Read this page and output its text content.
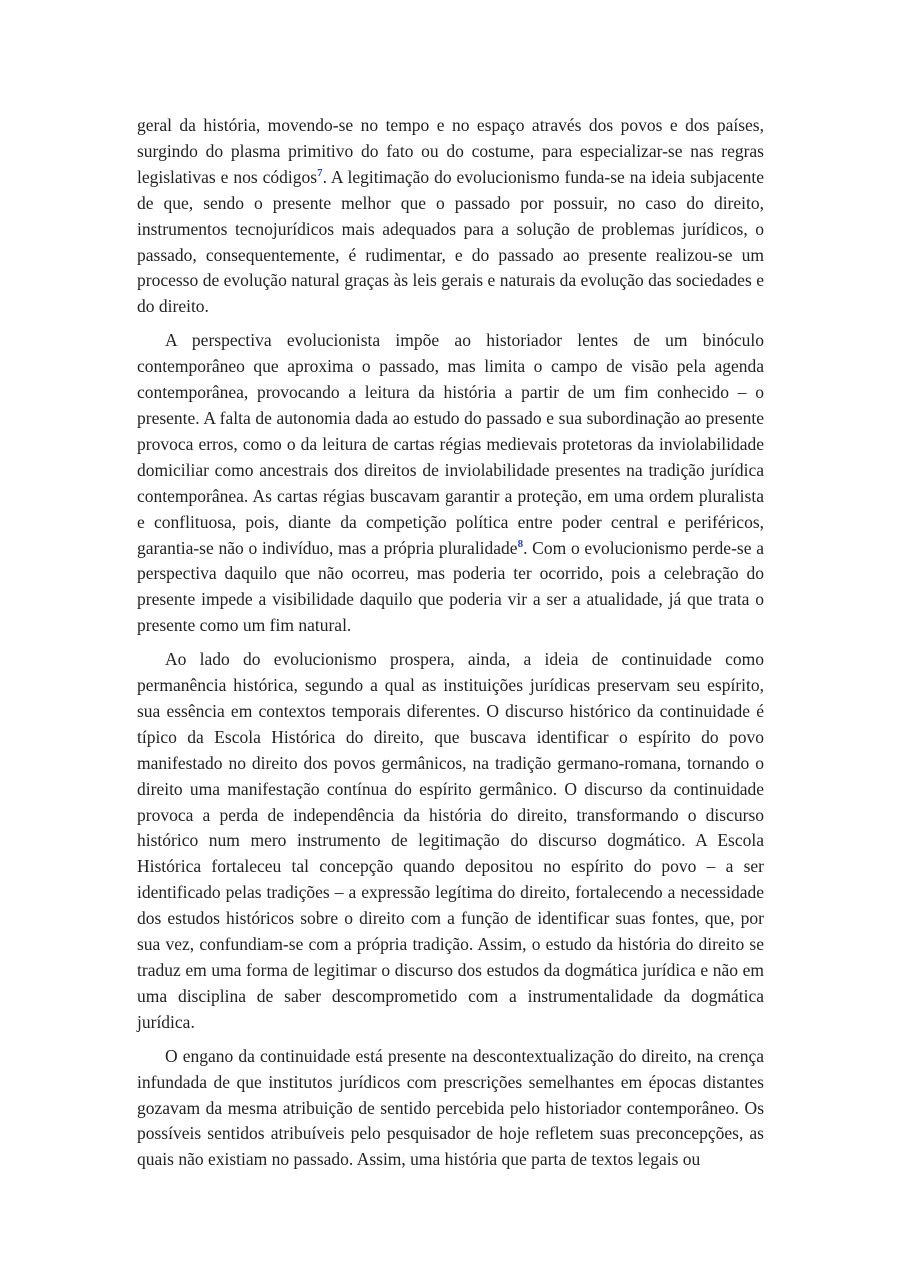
geral da história, movendo-se no tempo e no espaço através dos povos e dos países, surgindo do plasma primitivo do fato ou do costume, para especializar-se nas regras legislativas e nos códigos$^7$. A legitimação do evolucionismo funda-se na ideia subjacente de que, sendo o presente melhor que o passado por possuir, no caso do direito, instrumentos tecnojurídicos mais adequados para a solução de problemas jurídicos, o passado, consequentemente, é rudimentar, e do passado ao presente realizou-se um processo de evolução natural graças às leis gerais e naturais da evolução das sociedades e do direito.

A perspectiva evolucionista impõe ao historiador lentes de um binóculo contemporâneo que aproxima o passado, mas limita o campo de visão pela agenda contemporânea, provocando a leitura da história a partir de um fim conhecido – o presente. A falta de autonomia dada ao estudo do passado e sua subordinação ao presente provoca erros, como o da leitura de cartas régias medievais protetoras da inviolabilidade domiciliar como ancestrais dos direitos de inviolabilidade presentes na tradição jurídica contemporânea. As cartas régias buscavam garantir a proteção, em uma ordem pluralista e conflituosa, pois, diante da competição política entre poder central e periféricos, garantia-se não o indivíduo, mas a própria pluralidade$^8$. Com o evolucionismo perde-se a perspectiva daquilo que não ocorreu, mas poderia ter ocorrido, pois a celebração do presente impede a visibilidade daquilo que poderia vir a ser a atualidade, já que trata o presente como um fim natural.

Ao lado do evolucionismo prospera, ainda, a ideia de continuidade como permanência histórica, segundo a qual as instituições jurídicas preservam seu espírito, sua essência em contextos temporais diferentes. O discurso histórico da continuidade é típico da Escola Histórica do direito, que buscava identificar o espírito do povo manifestado no direito dos povos germânicos, na tradição germano-romana, tornando o direito uma manifestação contínua do espírito germânico. O discurso da continuidade provoca a perda de independência da história do direito, transformando o discurso histórico num mero instrumento de legitimação do discurso dogmático. A Escola Histórica fortaleceu tal concepção quando depositou no espírito do povo – a ser identificado pelas tradições – a expressão legítima do direito, fortalecendo a necessidade dos estudos históricos sobre o direito com a função de identificar suas fontes, que, por sua vez, confundiam-se com a própria tradição. Assim, o estudo da história do direito se traduz em uma forma de legitimar o discurso dos estudos da dogmática jurídica e não em uma disciplina de saber descomprometido com a instrumentalidade da dogmática jurídica.

O engano da continuidade está presente na descontextualização do direito, na crença infundada de que institutos jurídicos com prescrições semelhantes em épocas distantes gozavam da mesma atribuição de sentido percebida pelo historiador contemporâneo. Os possíveis sentidos atribuíveis pelo pesquisador de hoje refletem suas preconcepções, as quais não existiam no passado. Assim, uma história que parta de textos legais ou
